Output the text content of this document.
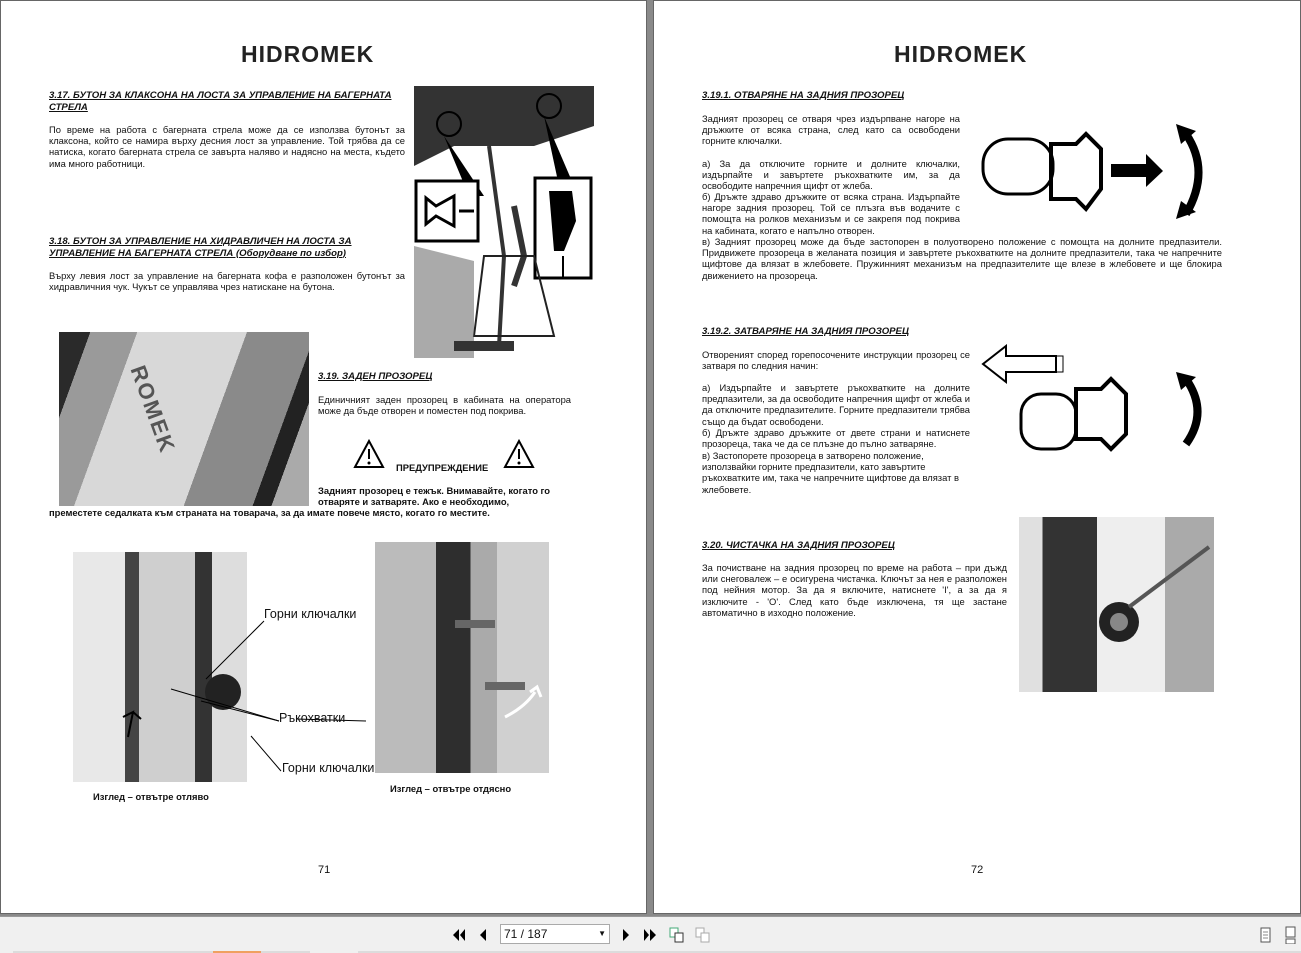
HIDROMEK
3.17. БУТОН ЗА КЛАКСОНА НА ЛОСТА ЗА УПРАВЛЕНИЕ НА БАГЕРНАТА СТРЕЛА
По време на работа с багерната стрела може да се използва бутонът за клаксона, който се намира върху десния лост за управление. Той трябва да се натиска, когато багерната стрела се завърта наляво и надясно на места, където има много работници.
3.18. БУТОН ЗА УПРАВЛЕНИЕ НА ХИДРАВЛИЧЕН НА ЛОСТА ЗА УПРАВЛЕНИЕ НА БАГЕРНАТА СТРЕЛА (Оборудване по избор)
Върху левия лост за управление на багерната кофа е разположен бутонът за хидравличния чук. Чукът се управлява чрез натискане на бутона.
ROMEK	3.19. ЗАДЕН ПРОЗОРЕЦ
Единичният заден прозорец в кабината на оператора може да бъде отворен и поместен под покрива.
ПРЕДУПРЕЖДЕНИЕ
Задният прозорец е тежък. Внимавайте, когато го отваряте и затваряте. Ако е необходимо,
преместете седалката към страната на товарача, за да имате повече място, когато го местите.
Горни ключалки
Ръкохватки
Горни ключалки
Изглед – отвътре отляво
Изглед – отвътре отдясно
71
HIDROMEK
3.19.1. ОТВАРЯНЕ НА ЗАДНИЯ ПРОЗОРЕЦ
Задният прозорец се отваря чрез издърпване нагоре на дръжките от всяка страна, след като са освободени горните ключалки.
а) За да отключите горните и долните ключалки, издърпайте и завъртете ръкохватките им, за да освободите напречния щифт от жлеба.
б) Дръжте здраво дръжките от всяка страна. Издърпайте нагоре задния прозорец. Той се плъзга във водачите с помощта на ролков механизъм и се закрепя под покрива на кабината, когато е напълно отворен.
в) Задният прозорец може да бъде застопорен в полуотворено положение с помощта на долните предпазители. Придвижете прозореца в желаната позиция и завъртете ръкохватките на долните предпазители, така че напречните щифтове да влязат в жлебовете. Пружинният механизъм на предпазителите ще влезе в жлебовете и ще блокира движението на прозореца.
3.19.2. ЗАТВАРЯНЕ НА ЗАДНИЯ ПРОЗОРЕЦ
Отвореният според горепосочените инструкции прозорец се затваря по следния начин:
а) Издърпайте и завъртете ръкохватките на долните предпазители, за да освободите напречния щифт от жлеба и да отключите предпазителите. Горните предпазители трябва също да бъдат освободени.
б) Дръжте здраво дръжките от двете страни и натиснете прозореца, така че да се плъзне до пълно затваряне.
в) Застопорете прозореца в затворено положение, използвайки горните предпазители, като завъртите ръкохватките им, така че напречните щифтове да влязат в жлебовете.
3.20. ЧИСТАЧКА НА ЗАДНИЯ ПРОЗОРЕЦ
За почистване на задния прозорец по време на работа – при дъжд или снеговалеж – е осигурена чистачка. Ключът за нея е разположен под нейния мотор. За да я включите, натиснете 'I', а за да я изключите - 'O'. След като бъде изключена, тя ще застане автоматично в изходно положение.
72
71 / 187	▼
